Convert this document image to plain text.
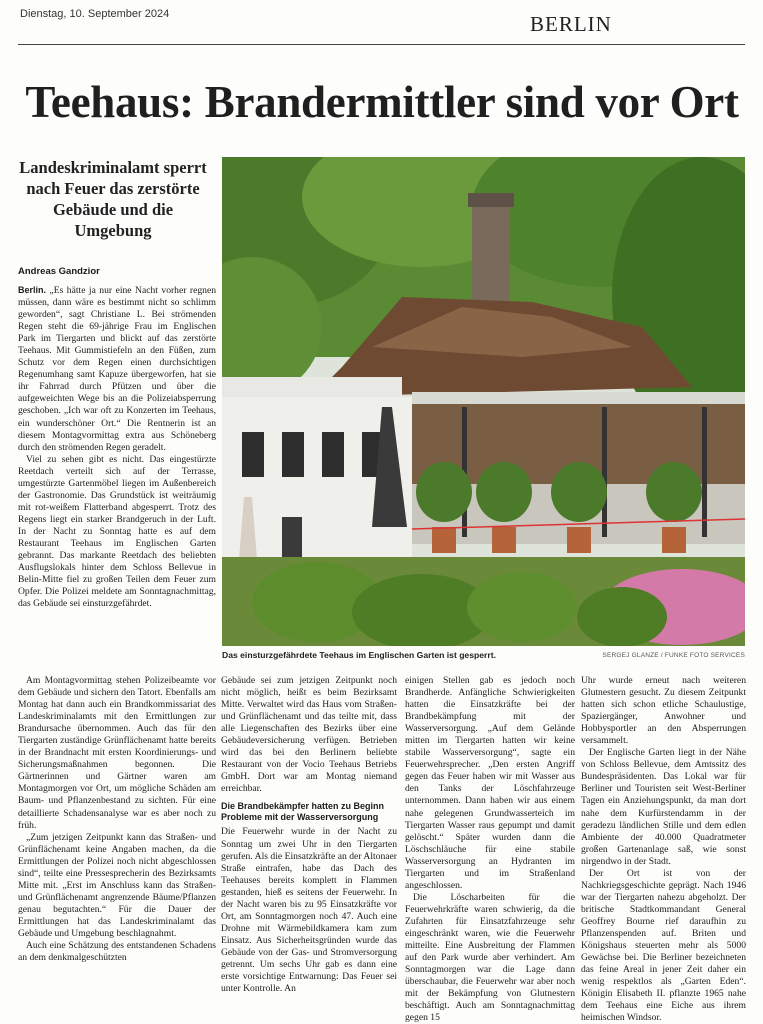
Dienstag, 10. September 2024	BERLIN
Teehaus: Brandermittler sind vor Ort
Landeskriminalamt sperrt nach Feuer das zerstörte Gebäude und die Umgebung
Andreas Gandzior

Berlin. „Es hätte ja nur eine Nacht vorher regnen müssen, dann wäre es bestimmt nicht so schlimm geworden“, sagt Christiane L. Bei strömenden Regen steht die 69-jährige Frau im Englischen Park im Tiergarten und blickt auf das zerstörte Teehaus. Mit Gummistiefeln an den Füßen, zum Schutz vor dem Regen einen durchsichtigen Regenumhang samt Kapuze übergeworfen, hat sie ihr Fahrrad durch Pfützen und über die aufgeweichten Wege bis an die Polizeiabsperrung geschoben. „Ich war oft zu Konzerten im Teehaus, ein wunderschöner Ort.“ Die Rentnerin ist an diesem Montagvormittag extra aus Schöneberg durch den strömenden Regen geradelt.

Viel zu sehen gibt es nicht. Das eingestürzte Reetdach verteilt sich auf der Terrasse, umgestürzte Gartenmöbel liegen im Außenbereich der Gastronomie. Das Grundstück ist weiträumig mit rot-weißem Flatterband abgesperrt. Trotz des Regens liegt ein starker Brandgeruch in der Luft. In der Nacht zu Sonntag hatte es auf dem Restaurant Teehaus im Englischen Garten gebrannt. Das markante Reetdach des beliebten Ausflugslokals hinter dem Schloss Bellevue in Belin-Mitte fiel zu großen Teilen dem Feuer zum Opfer. Die Polizei meldete am Sonntagnachmittag, das Gebäude sei einsturzgefährdet.

Am Montagvormittag stehen Polizeibeamte vor dem Gebäude und sichern den Tatort. Ebenfalls am Montag hat dann auch ein Brandkommissariat des Landeskriminalamts mit den Ermittlungen zur Brandursache übernommen. Auch das für den Tiergarten zuständige Grünflächenamt hatte bereits in der Brandnacht mit ersten Koordinierungs- und Sicherungsmaßnahmen begonnen. Die Gärtnerinnen und Gärtner waren am Montagmorgen vor Ort, um mögliche Schäden am Baum- und Pflanzenbestand zu sichten. Für eine detaillierte Schadensanalyse war es aber noch zu früh.

„Zum jetzigen Zeitpunkt kann das Straßen- und Grünflächenamt keine Angaben machen, da die Ermittlungen der Polizei noch nicht abgeschlossen sind“, teilte eine Pressesprecherin des Bezirksamts Mitte mit. „Erst im Anschluss kann das Straßen- und Grünflächenamt angrenzende Bäume/Pflanzen genau begutachten.“ Für die Dauer der Ermittlungen hat das Landeskriminalamt das Gebäude und Umgebung beschlagnahmt.

Auch eine Schätzung des entstandenen Schadens an dem denkmalgeschützten

Das einsturzgefährdete Teehaus im Englischen Garten ist gesperrt.	SERGEJ GLANZE / FUNKE FOTO SERVICES

Gebäude sei zum jetzigen Zeitpunkt noch nicht möglich, heißt es beim Bezirksamt Mitte. Verwaltet wird das Haus vom Straßen- und Grünflächenamt und das teilte mit, dass alle Liegenschaften des Bezirks über eine Gebäudeversicherung verfügen. Betrieben wird das bei den Berlinern beliebte Restaurant von der Vocio Teehaus Betriebs GmbH. Dort war am Montag niemand erreichbar.

Die Brandbekämpfer hatten zu Beginn Probleme mit der Wasserversorgung

Die Feuerwehr wurde in der Nacht zu Sonntag um zwei Uhr in den Tiergarten gerufen. Als die Einsatzkräfte an der Altonaer Straße eintrafen, habe das Dach des Teehauses bereits komplett in Flammen gestanden, hieß es seitens der Feuerwehr. In der Nacht waren bis zu 95 Einsatzkräfte vor Ort, am Sonntagmorgen noch 47. Auch eine Drohne mit Wärmebildkamera kam zum Einsatz. Aus Sicherheitsgründen wurde das Gebäude von der Gas- und Stromversorgung getrennt. Um sechs Uhr gab es dann eine erste vorsichtige Entwarnung: Das Feuer sei unter Kontrolle. An

einigen Stellen gab es jedoch noch Brandherde. Anfängliche Schwierigkeiten hatten die Einsatzkräfte bei der Brandbekämpfung mit der Wasserversorgung. „Auf dem Gelände mitten im Tiergarten hatten wir keine stabile Wasserversorgung“, sagte ein Feuerwehrsprecher. „Den ersten Angriff gegen das Feuer haben wir mit Wasser aus den Tanks der Löschfahrzeuge unternommen. Dann haben wir aus einem nahe gelegenen Grundwasserteich im Tiergarten Wasser raus gepumpt und damit gelöscht.“ Später wurden dann die Löschschläuche für eine stabile Wasserversorgung an Hydranten im Tiergarten und im Straßenland angeschlossen.

Die Löscharbeiten für die Feuerwehrkräfte waren schwierig, da die Zufahrten für Einsatzfahrzeuge sehr eingeschränkt waren, wie die Feuerwehr mitteilte. Eine Ausbreitung der Flammen auf den Park wurde aber verhindert. Am Sonntagmorgen war die Lage dann überschaubar, die Feuerwehr war aber noch mit der Bekämpfung von Glutnestern beschäftigt. Auch am Sonntagnachmittag gegen 15

Uhr wurde erneut nach weiteren Glutnestern gesucht. Zu diesem Zeitpunkt hatten sich schon etliche Schaulustige, Spaziergänger, Anwohner und Hobbysportler an den Absperrungen versammelt.

Der Englische Garten liegt in der Nähe von Schloss Bellevue, dem Amtssitz des Bundespräsidenten. Das Lokal war für Berliner und Touristen seit West-Berliner Tagen ein Anziehungspunkt, da man dort nahe dem Kurfürstendamm in der geradezu ländlichen Stille und dem edlen Ambiente der 40.000 Quadratmeter großen Gartenanlage saß, wie sonst nirgendwo in der Stadt.

Der Ort ist von der Nachkriegsgeschichte geprägt. Nach 1946 war der Tiergarten nahezu abgeholzt. Der britische Stadtkommandant General Geoffrey Bourne rief daraufhin zu Pflanzenspenden auf. Briten und Königshaus steuerten mehr als 5000 Gewächse bei. Die Berliner bezeichneten das feine Areal in jener Zeit daher ein wenig respektlos als „Garten Eden“. Königin Elisabeth II. pflanzte 1965 nahe dem Teehaus eine Eiche aus ihrem heimischen Windsor.
